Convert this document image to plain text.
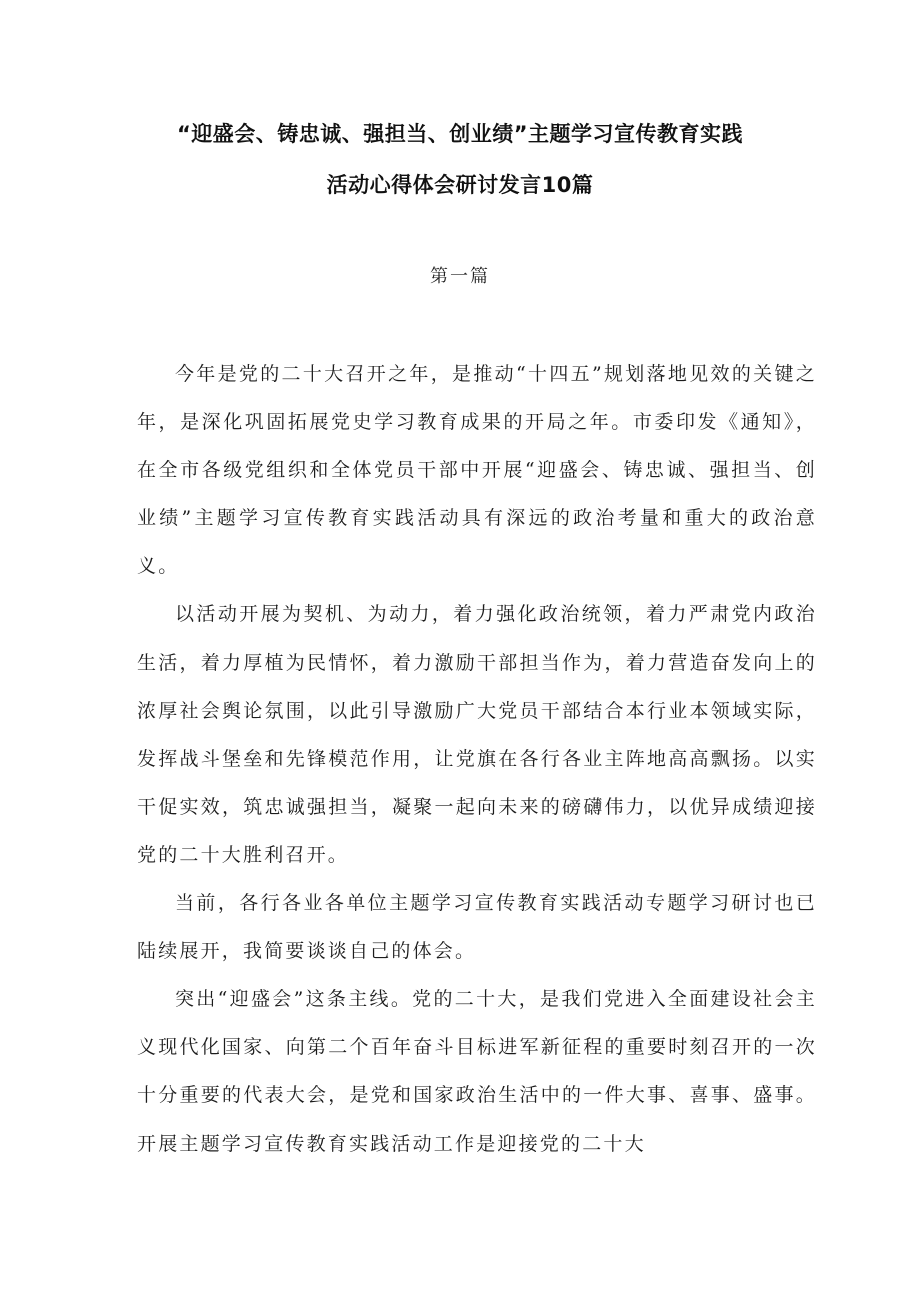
“迎盛会、铸忠诚、强担当、创业绩”主题学习宣传教育实践
活动心得体会研讨发言10篇
第一篇

今年是党的二十大召开之年，是推动“十四五”规划落地见效的关键之年，是深化巩固拓展党史学习教育成果的开局之年。市委印发《通知》，在全市各级党组织和全体党员干部中开展“迎盛会、铸忠诚、强担当、创业绩”主题学习宣传教育实践活动具有深远的政治考量和重大的政治意义。

以活动开展为契机、为动力，着力强化政治统领，着力严肃党内政治生活，着力厚植为民情怀，着力激励干部担当作为，着力营造奋发向上的浓厚社会舆论氛围，以此引导激励广大党员干部结合本行业本领域实际，发挥战斗堡垒和先锋模范作用，让党旗在各行各业主阵地高高飘扬。以实干促实效，筑忠诚强担当，凝聚一起向未来的磅礴伟力，以优异成绩迎接党的二十大胜利召开。

当前，各行各业各单位主题学习宣传教育实践活动专题学习研讨也已陆续展开，我简要谈谈自己的体会。

突出“迎盛会”这条主线。党的二十大，是我们党进入全面建设社会主义现代化国家、向第二个百年奋斗目标进军新征程的重要时刻召开的一次十分重要的代表大会，是党和国家政治生活中的一件大事、喜事、盛事。开展主题学习宣传教育实践活动工作是迎接党的二十大
